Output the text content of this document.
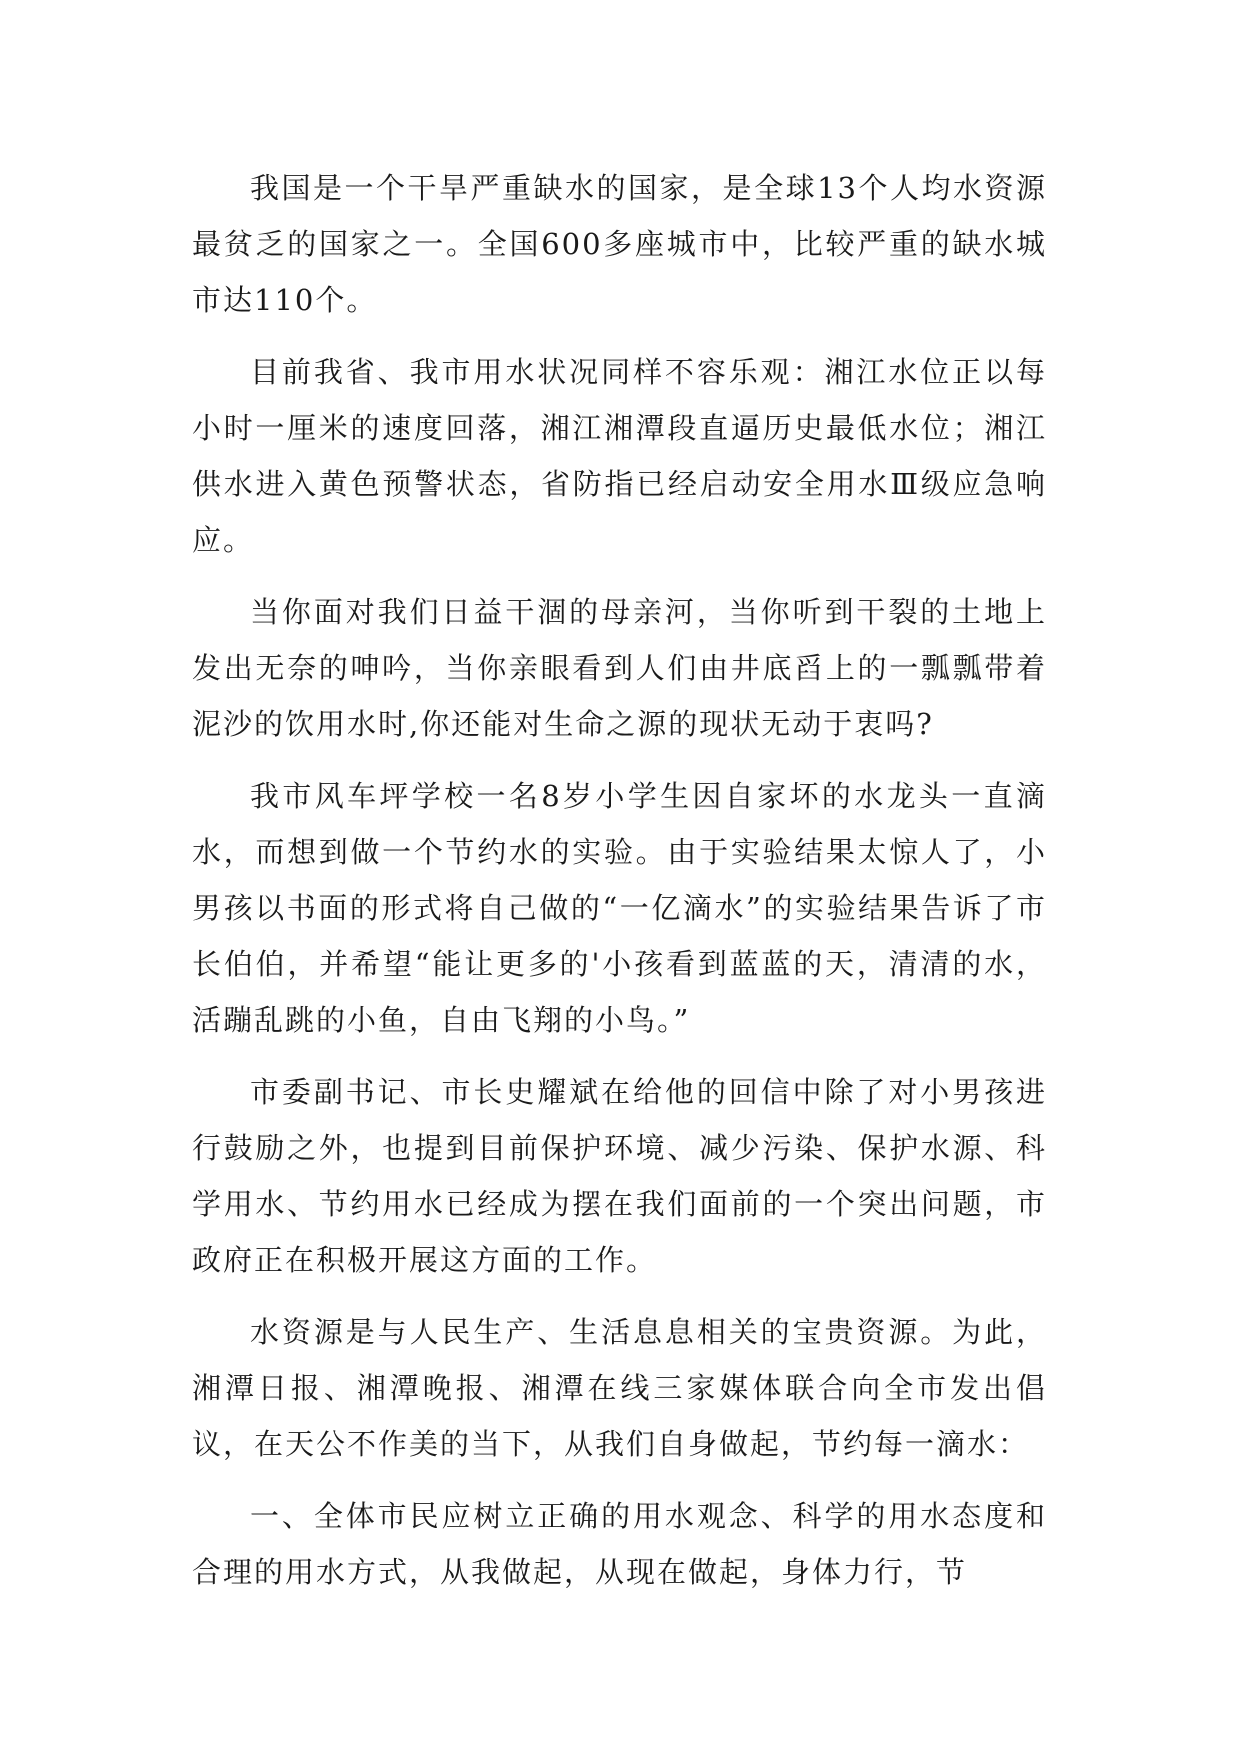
我国是一个干旱严重缺水的国家，是全球13个人均水资源最贫乏的国家之一。全国600多座城市中，比较严重的缺水城市达110个。

目前我省、我市用水状况同样不容乐观：湘江水位正以每小时一厘米的速度回落，湘江湘潭段直逼历史最低水位；湘江供水进入黄色预警状态，省防指已经启动安全用水Ⅲ级应急响应。

当你面对我们日益干涸的母亲河，当你听到干裂的土地上发出无奈的呻吟，当你亲眼看到人们由井底舀上的一瓢瓢带着泥沙的饮用水时,你还能对生命之源的现状无动于衷吗?

我市风车坪学校一名8岁小学生因自家坏的水龙头一直滴水，而想到做一个节约水的实验。由于实验结果太惊人了，小男孩以书面的形式将自己做的“一亿滴水”的实验结果告诉了市长伯伯，并希望“能让更多的'小孩看到蓝蓝的天，清清的水，活蹦乱跳的小鱼，自由飞翔的小鸟。”

市委副书记、市长史耀斌在给他的回信中除了对小男孩进行鼓励之外，也提到目前保护环境、减少污染、保护水源、科学用水、节约用水已经成为摆在我们面前的一个突出问题，市政府正在积极开展这方面的工作。

水资源是与人民生产、生活息息相关的宝贵资源。为此，湘潭日报、湘潭晚报、湘潭在线三家媒体联合向全市发出倡议，在天公不作美的当下，从我们自身做起，节约每一滴水：

一、全体市民应树立正确的用水观念、科学的用水态度和合理的用水方式，从我做起，从现在做起，身体力行，节
